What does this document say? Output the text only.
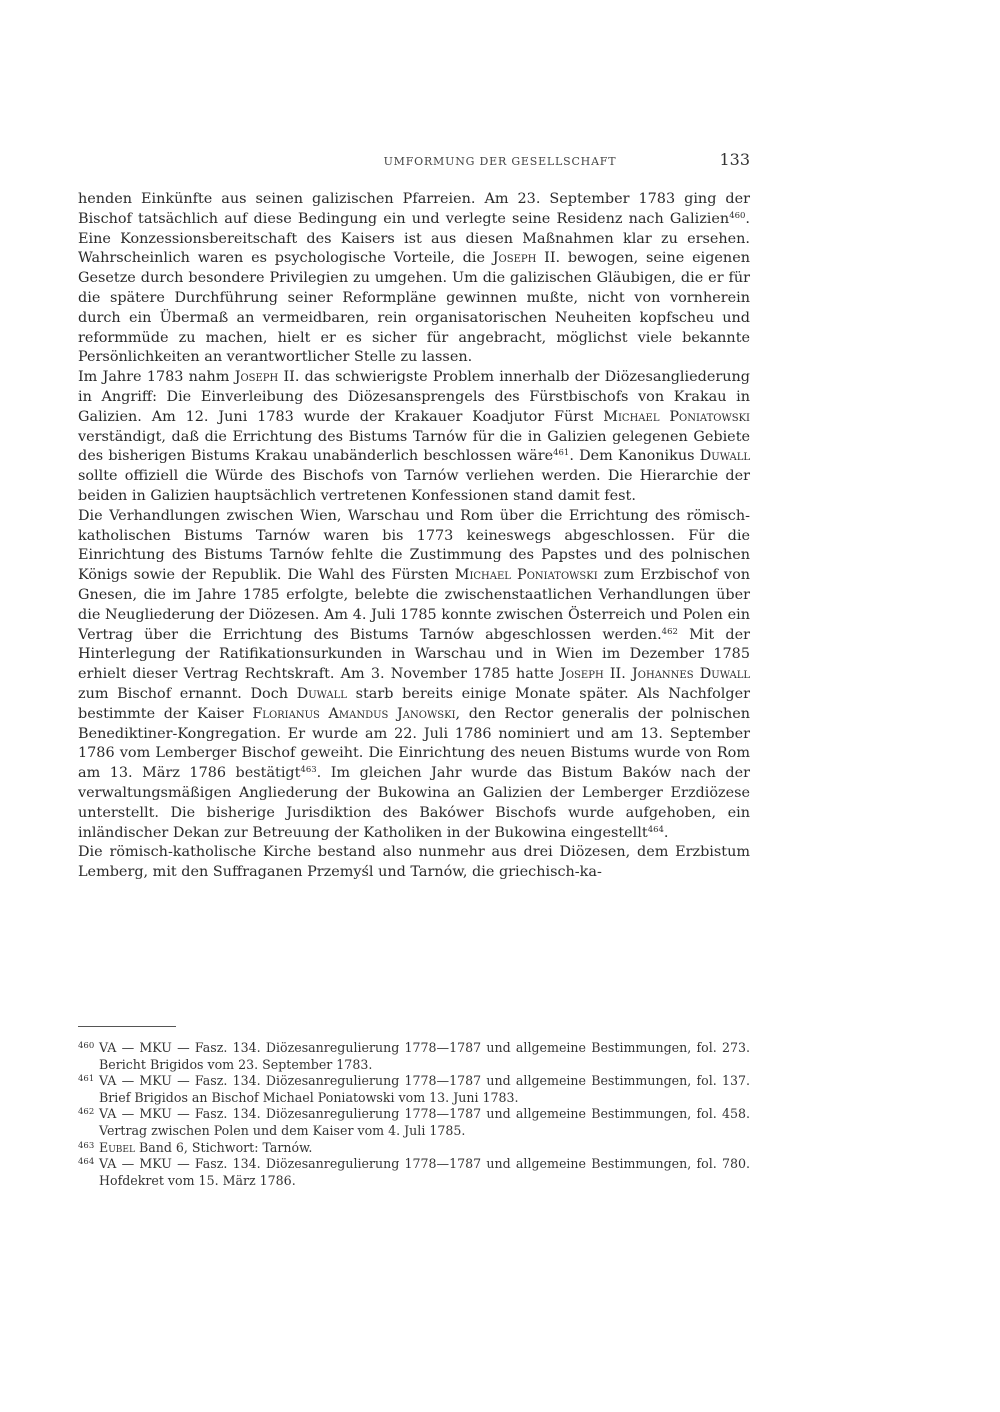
UMFORMUNG DER GESELLSCHAFT	133

henden Einkünfte aus seinen galizischen Pfarreien. Am 23. September 1783 ging der Bischof tatsächlich auf diese Bedingung ein und verlegte seine Residenz nach Galizien$^{460}$. Eine Konzessionsbereitschaft des Kaisers ist aus diesen Maßnahmen klar zu ersehen. Wahrscheinlich waren es psychologische Vorteile, die Joseph II. bewogen, seine eigenen Gesetze durch besondere Privilegien zu umgehen. Um die galizischen Gläubigen, die er für die spätere Durchführung seiner Reformpläne gewinnen mußte, nicht von vornherein durch ein Übermaß an vermeidbaren, rein organisatorischen Neuheiten kopfscheu und reformmüde zu machen, hielt er es sicher für angebracht, möglichst viele bekannte Persönlichkeiten an verantwortlicher Stelle zu lassen.

Im Jahre 1783 nahm Joseph II. das schwierigste Problem innerhalb der Diözesangliederung in Angriff: Die Einverleibung des Diözesansprengels des Fürstbischofs von Krakau in Galizien. Am 12. Juni 1783 wurde der Krakauer Koadjutor Fürst Michael Poniatowski verständigt, daß die Errichtung des Bistums Tarnów für die in Galizien gelegenen Gebiete des bisherigen Bistums Krakau unabänderlich beschlossen wäre$^{461}$. Dem Kanonikus Duwall sollte offiziell die Würde des Bischofs von Tarnów verliehen werden. Die Hierarchie der beiden in Galizien hauptsächlich vertretenen Konfessionen stand damit fest.

Die Verhandlungen zwischen Wien, Warschau und Rom über die Errichtung des römisch-katholischen Bistums Tarnów waren bis 1773 keineswegs abgeschlossen. Für die Einrichtung des Bistums Tarnów fehlte die Zustimmung des Papstes und des polnischen Königs sowie der Republik. Die Wahl des Fürsten Michael Poniatowski zum Erzbischof von Gnesen, die im Jahre 1785 erfolgte, belebte die zwischenstaatlichen Verhandlungen über die Neugliederung der Diözesen. Am 4. Juli 1785 konnte zwischen Österreich und Polen ein Vertrag über die Errichtung des Bistums Tarnów abgeschlossen werden.$^{462}$ Mit der Hinterlegung der Ratifikationsurkunden in Warschau und in Wien im Dezember 1785 erhielt dieser Vertrag Rechtskraft. Am 3. November 1785 hatte Joseph II. Johannes Duwall zum Bischof ernannt. Doch Duwall starb bereits einige Monate später. Als Nachfolger bestimmte der Kaiser Florianus Amandus Janowski, den Rector generalis der polnischen Benediktiner-Kongregation. Er wurde am 22. Juli 1786 nominiert und am 13. September 1786 vom Lemberger Bischof geweiht. Die Einrichtung des neuen Bistums wurde von Rom am 13. März 1786 bestätigt$^{463}$. Im gleichen Jahr wurde das Bistum Baków nach der verwaltungsmäßigen Angliederung der Bukowina an Galizien der Lemberger Erzdiözese unterstellt. Die bisherige Jurisdiktion des Bakówer Bischofs wurde aufgehoben, ein inländischer Dekan zur Betreuung der Katholiken in der Bukowina eingestellt$^{464}$.

Die römisch-katholische Kirche bestand also nunmehr aus drei Diözesen, dem Erzbistum Lemberg, mit den Suffraganen Przemyśl und Tarnów, die griechisch-ka-

460 VA — MKU — Fasz. 134. Diözesanregulierung 1778—1787 und allgemeine Bestimmungen, fol. 273. Bericht Brigidos vom 23. September 1783.
461 VA — MKU — Fasz. 134. Diözesanregulierung 1778—1787 und allgemeine Bestimmungen, fol. 137. Brief Brigidos an Bischof Michael Poniatowski vom 13. Juni 1783.
462 VA — MKU — Fasz. 134. Diözesanregulierung 1778—1787 und allgemeine Bestimmungen, fol. 458. Vertrag zwischen Polen und dem Kaiser vom 4. Juli 1785.
463 Eubel Band 6, Stichwort: Tarnów.
464 VA — MKU — Fasz. 134. Diözesanregulierung 1778—1787 und allgemeine Bestimmungen, fol. 780. Hofdekret vom 15. März 1786.
